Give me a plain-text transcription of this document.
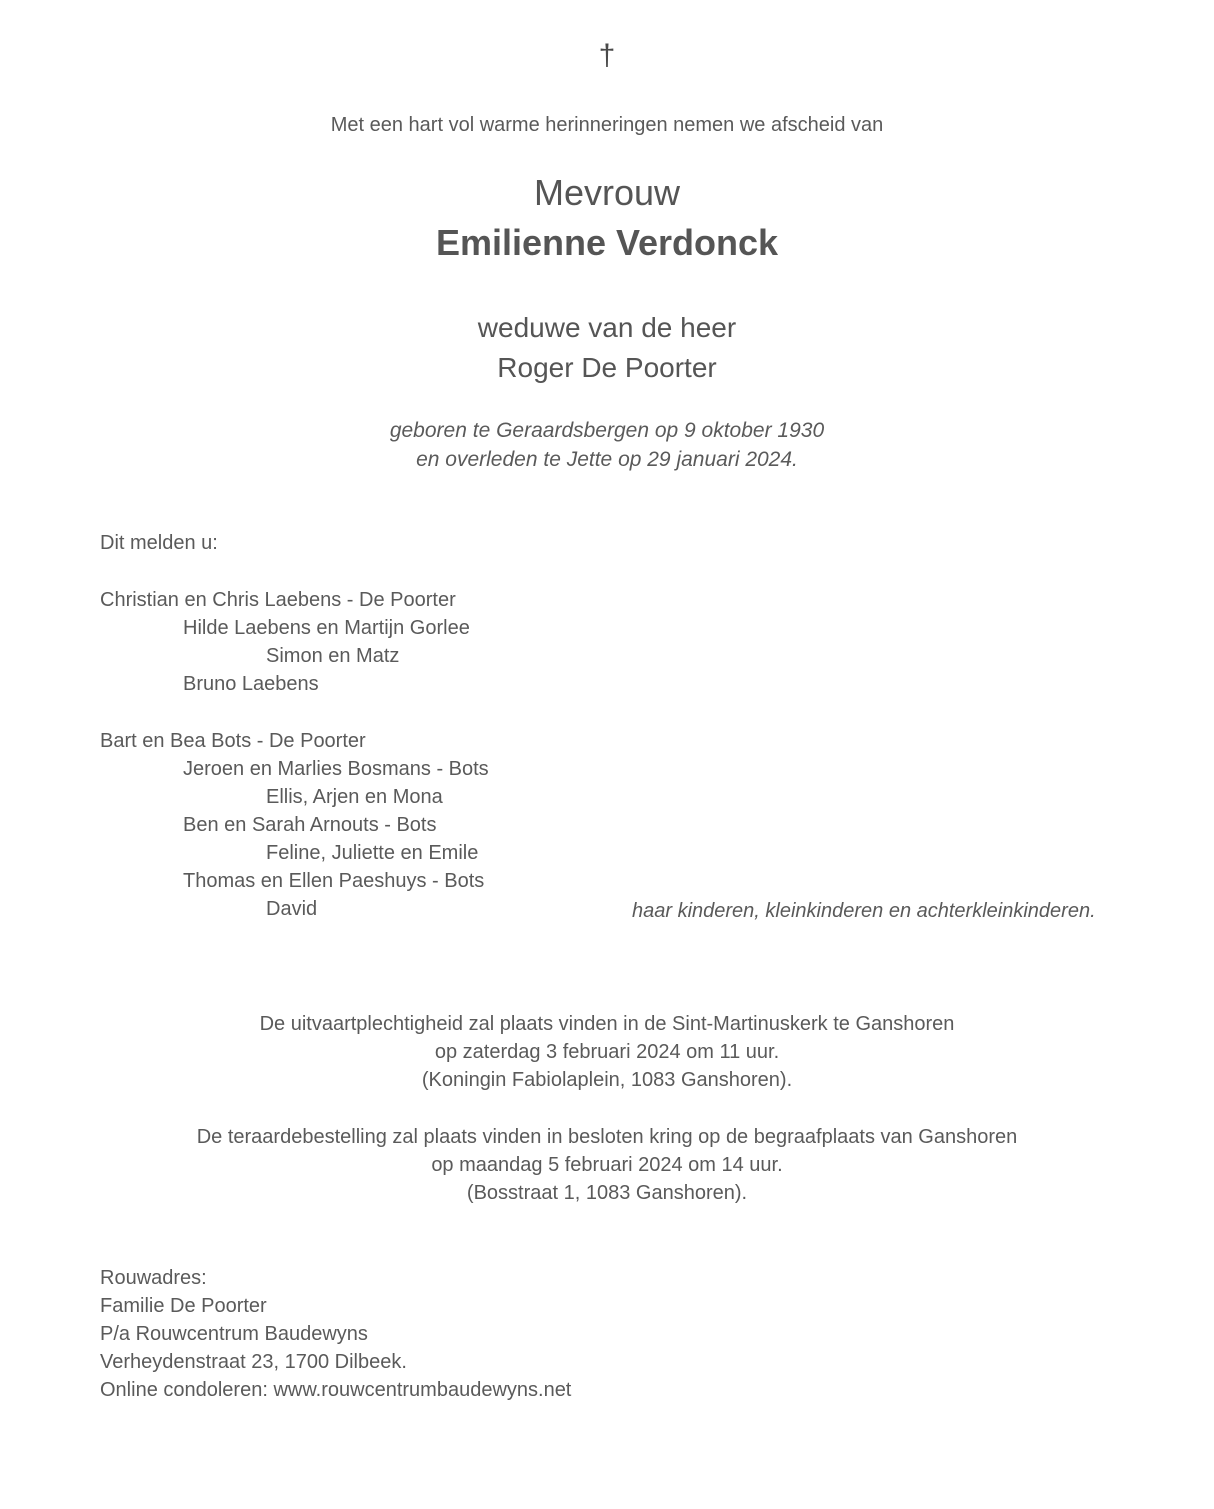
†
Met een hart vol warme herinneringen nemen we afscheid van
Mevrouw
Emilienne Verdonck
weduwe van de heer
Roger De Poorter
geboren te Geraardsbergen op 9 oktober 1930
en overleden te Jette op 29 januari 2024.
Dit melden u:
Christian en Chris Laebens - De Poorter
Hilde Laebens en Martijn Gorlee
Simon en Matz
Bruno Laebens
Bart en Bea Bots - De Poorter
Jeroen en Marlies Bosmans - Bots
Ellis, Arjen en Mona
Ben en Sarah Arnouts - Bots
Feline, Juliette en Emile
Thomas en Ellen Paeshuys - Bots
David	haar kinderen, kleinkinderen en achterkleinkinderen.
De uitvaartplechtigheid zal plaats vinden in de Sint-Martinuskerk te Ganshoren
op zaterdag 3 februari 2024 om 11 uur.
(Koningin Fabiolaplein, 1083 Ganshoren).
De teraardebestelling zal plaats vinden in besloten kring op de begraafplaats van Ganshoren
op maandag 5 februari 2024 om 14 uur.
(Bosstraat 1, 1083 Ganshoren).
Rouwadres:
Familie De Poorter
P/a Rouwcentrum Baudewyns
Verheydenstraat 23, 1700 Dilbeek.
Online condoleren: www.rouwcentrumbaudewyns.net
